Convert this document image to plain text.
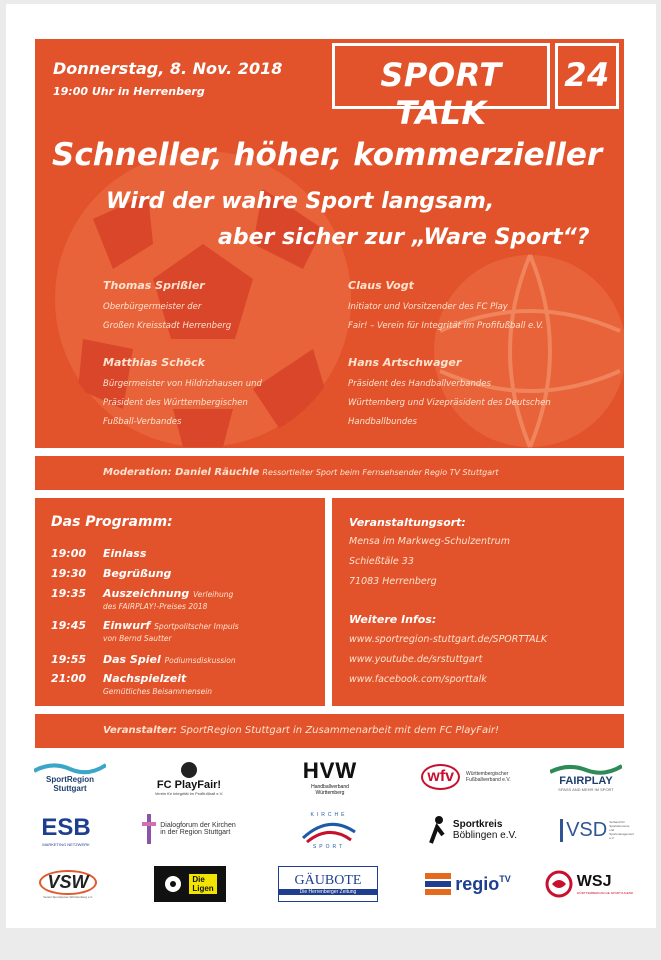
Donnerstag, 8. Nov. 2018
19:00 Uhr in Herrenberg	SPORT TALK
24
Schneller, höher, kommerzieller
Wird der wahre Sport langsam,
aber sicher zur „Ware Sport“?
Thomas Sprißler
Oberbürgermeister der
Großen Kreisstadt Herrenberg
Claus Vogt
Initiator und Vorsitzender des FC Play
Fair! – Verein für Integrität im Profifußball e.V.
Matthias Schöck
Bürgermeister von Hildrizhausen und
Präsident des Württembergischen
Fußball-Verbandes
Hans Artschwager
Präsident des Handballverbandes
Württemberg und Vizepräsident des Deutschen
Handballbundes
Moderation: Daniel Räuchle Ressortleiter Sport beim Fernsehsender Regio TV Stuttgart
Das Programm:
19:00 Einlass
19:30 Begrüßung
19:35 Auszeichnung Verleihung
des FAIRPLAY!-Preises 2018
19:45 Einwurf Sportpolitscher Impuls
von Bernd Sautter
19:55 Das Spiel Podiumsdiskussion
21:00 Nachspielzeit
Gemütliches Beisammensein
Veranstaltungsort:
Mensa im Markweg-Schulzentrum
Schießtäle 33
71083 Herrenberg
Weitere Infos:
www.sportregion-stuttgart.de/SPORTTALK
www.youtube.de/srstuttgart
www.facebook.com/sporttalk
Veranstalter: SportRegion Stuttgart in Zusammenarbeit mit dem FC PlayFair!
SportRegion
Stuttgart	FC PlayFair!
Verein für Integrität im Profifußball e.V.
HVW
Handballverband
Württemberg
wfv	Württembergischer
Fußballverband e.V.	FAIRPLAY
SPASS AND MEHR IM SPORT
ESB
MARKETING NETZWERK
Dialogforum der Kirchen
in der Region Stuttgart
KIRCHE
SPORT
Sportkreis
Böblingen e.V.	VSD Verband für Sportökonomie
und Sportmanagement e.V.
VSW
Verein Sportpresse Württemberg e.V.
Die
Ligen
GÄUBOTE
Die Herrenberger Zeitung	regio TV	WSJ
WÜRTTEMBERGISCHE SPORTJUGEND
